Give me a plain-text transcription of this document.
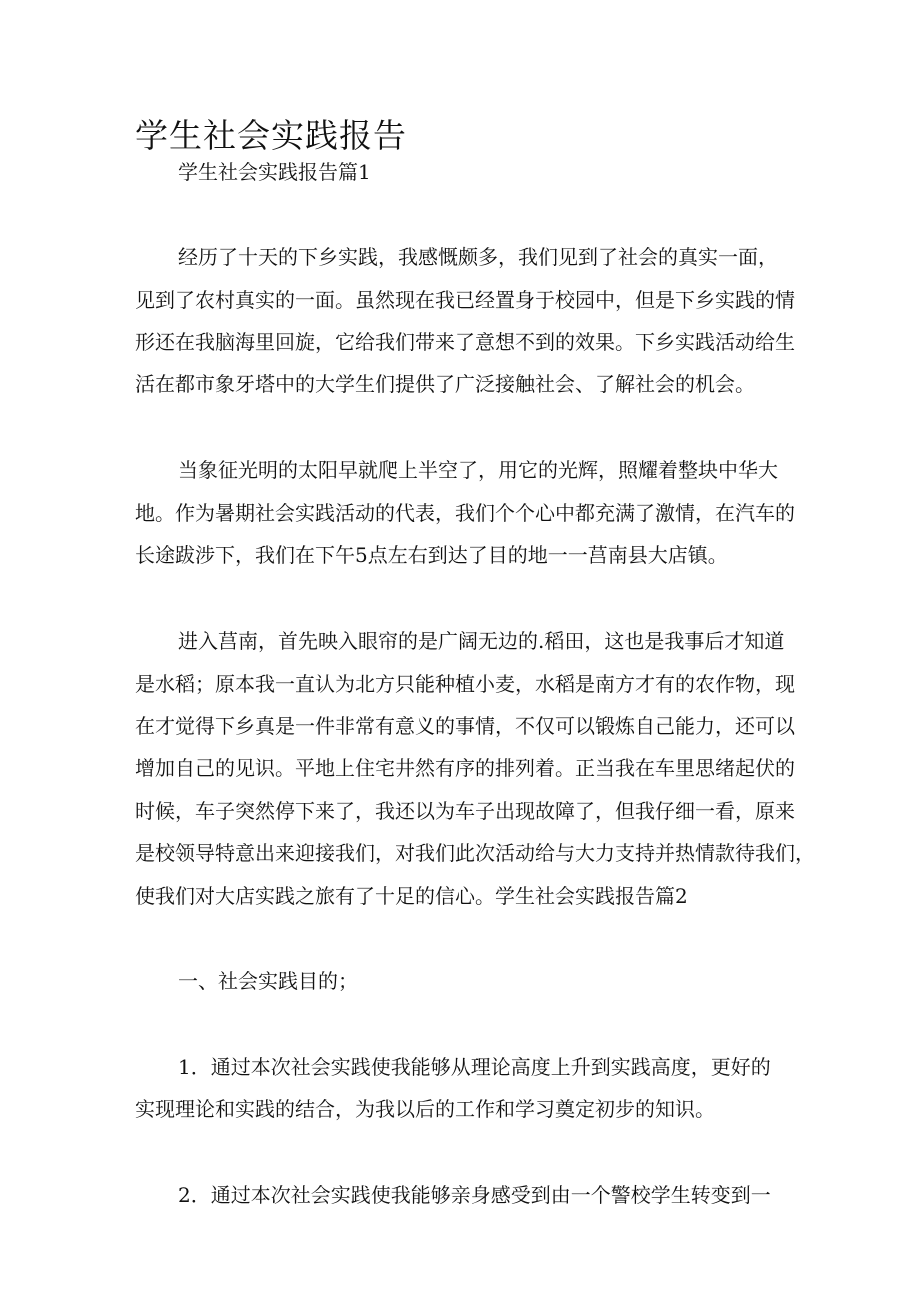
学生社会实践报告
学生社会实践报告篇1
经历了十天的下乡实践，我感慨颇多，我们见到了社会的真实一面，
见到了农村真实的一面。虽然现在我已经置身于校园中，但是下乡实践的情
形还在我脑海里回旋，它给我们带来了意想不到的效果。下乡实践活动给生
活在都市象牙塔中的大学生们提供了广泛接触社会、了解社会的机会。
当象征光明的太阳早就爬上半空了，用它的光辉，照耀着整块中华大
地。作为暑期社会实践活动的代表，我们个个心中都充满了激情，在汽车的
长途跋涉下，我们在下午5点左右到达了目的地一一莒南县大店镇。
进入莒南，首先映入眼帘的是广阔无边的.稻田，这也是我事后才知道
是水稻；原本我一直认为北方只能种植小麦，水稻是南方才有的农作物，现
在才觉得下乡真是一件非常有意义的事情，不仅可以锻炼自己能力，还可以
增加自己的见识。平地上住宅井然有序的排列着。正当我在车里思绪起伏的
时候，车子突然停下来了，我还以为车子出现故障了，但我仔细一看，原来
是校领导特意出来迎接我们，对我们此次活动给与大力支持并热情款待我们，
使我们对大店实践之旅有了十足的信心。学生社会实践报告篇2
一、社会实践目的；
1．通过本次社会实践使我能够从理论高度上升到实践高度，更好的
实现理论和实践的结合，为我以后的工作和学习奠定初步的知识。
2．通过本次社会实践使我能够亲身感受到由一个警校学生转变到一
